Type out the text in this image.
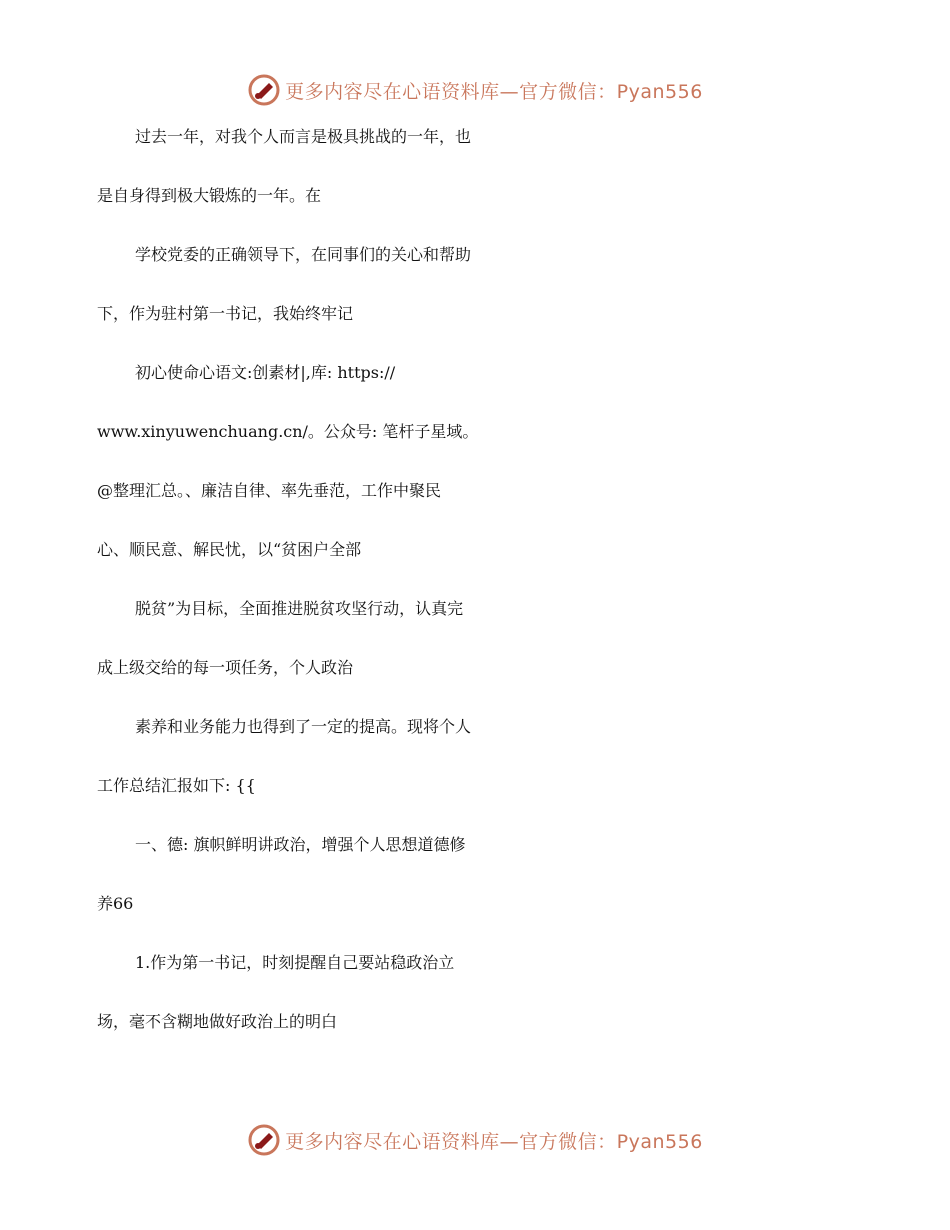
更多内容尽在心语资料库—官方微信：Pyan556
过去一年，对我个人而言是极具挑战的一年，也
是自身得到极大锻炼的一年。在
学校党委的正确领导下，在同事们的关心和帮助
下，作为驻村第一书记，我始终牢记
初心使命心语文:创素材|,库: https://
www.xinyuwenchuang.cn/。公众号: 笔杆子星域。
@整理汇总。、廉洁自律、率先垂范，工作中聚民
心、顺民意、解民忧，以“贫困户全部
脱贫”为目标，全面推进脱贫攻坚行动，认真完
成上级交给的每一项任务，个人政治
素养和业务能力也得到了一定的提高。现将个人
工作总结汇报如下: {{
一、德: 旗帜鲜明讲政治，增强个人思想道德修
养66
1.作为第一书记，时刻提醒自己要站稳政治立
场，毫不含糊地做好政治上的明白
更多内容尽在心语资料库—官方微信：Pyan556
